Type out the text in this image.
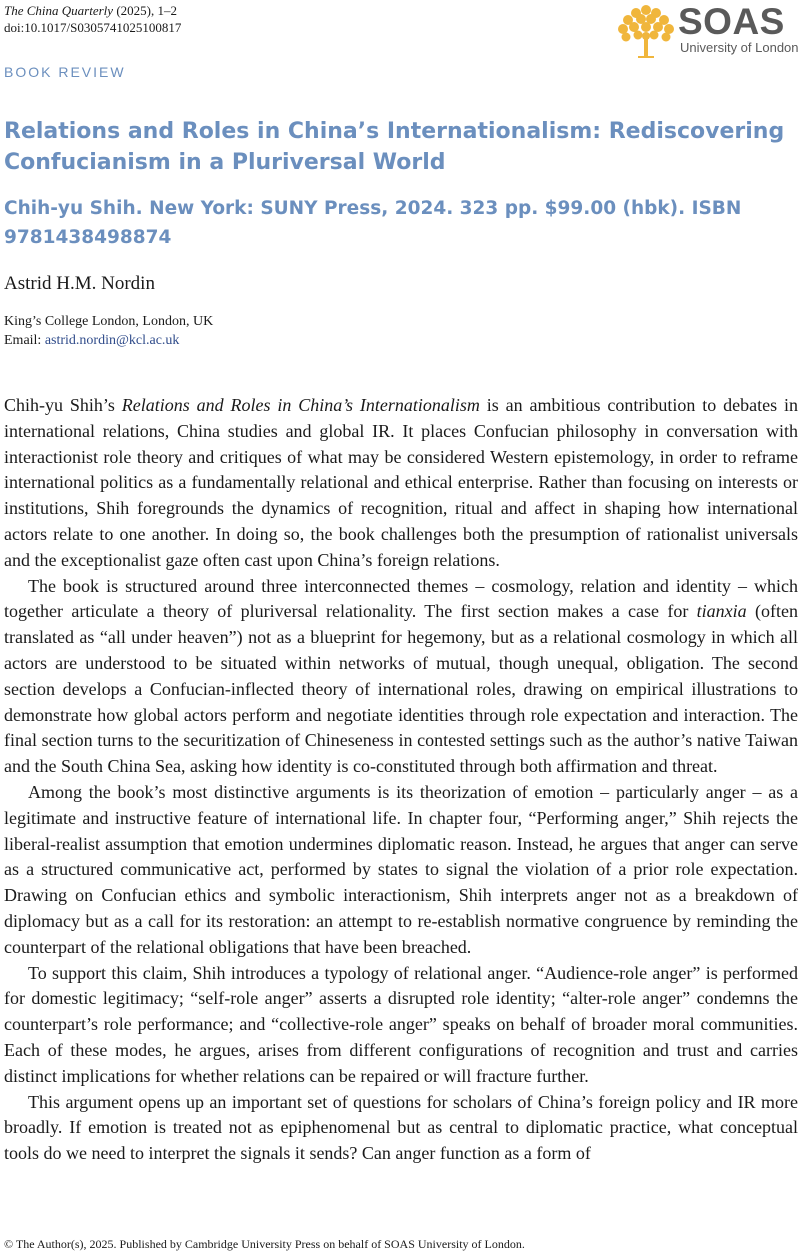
The China Quarterly (2025), 1–2
doi:10.1017/S0305741025100817	SOAS
University of London
BOOK REVIEW
Relations and Roles in China’s Internationalism: Rediscovering Confucianism in a Pluriversal World
Chih-yu Shih. New York: SUNY Press, 2024. 323 pp. $99.00 (hbk). ISBN 9781438498874
Astrid H.M. Nordin
King’s College London, London, UK
Email: astrid.nordin@kcl.ac.uk

Chih-yu Shih’s Relations and Roles in China’s Internationalism is an ambitious contribution to debates in international relations, China studies and global IR. It places Confucian philosophy in conversation with interactionist role theory and critiques of what may be considered Western epistemology, in order to reframe international politics as a fundamentally relational and ethical enterprise. Rather than focusing on interests or institutions, Shih foregrounds the dynamics of recognition, ritual and affect in shaping how international actors relate to one another. In doing so, the book challenges both the presumption of rationalist universals and the exceptionalist gaze often cast upon China’s foreign relations.

The book is structured around three interconnected themes – cosmology, relation and identity – which together articulate a theory of pluriversal relationality. The first section makes a case for tianxia (often translated as “all under heaven”) not as a blueprint for hegemony, but as a relational cosmology in which all actors are understood to be situated within networks of mutual, though unequal, obligation. The second section develops a Confucian-inflected theory of international roles, drawing on empirical illustrations to demonstrate how global actors perform and negotiate identities through role expectation and interaction. The final section turns to the securitization of Chineseness in contested settings such as the author’s native Taiwan and the South China Sea, asking how identity is co-constituted through both affirmation and threat.

Among the book’s most distinctive arguments is its theorization of emotion – particularly anger – as a legitimate and instructive feature of international life. In chapter four, “Performing anger,” Shih rejects the liberal-realist assumption that emotion undermines diplomatic reason. Instead, he argues that anger can serve as a structured communicative act, performed by states to signal the violation of a prior role expectation. Drawing on Confucian ethics and symbolic interactionism, Shih interprets anger not as a breakdown of diplomacy but as a call for its restoration: an attempt to re-establish normative congruence by reminding the counterpart of the relational obligations that have been breached.

To support this claim, Shih introduces a typology of relational anger. “Audience-role anger” is performed for domestic legitimacy; “self-role anger” asserts a disrupted role identity; “alter-role anger” condemns the counterpart’s role performance; and “collective-role anger” speaks on behalf of broader moral communities. Each of these modes, he argues, arises from different configurations of recognition and trust and carries distinct implications for whether relations can be repaired or will fracture further.

This argument opens up an important set of questions for scholars of China’s foreign policy and IR more broadly. If emotion is treated not as epiphenomenal but as central to diplomatic practice, what conceptual tools do we need to interpret the signals it sends? Can anger function as a form of

© The Author(s), 2025. Published by Cambridge University Press on behalf of SOAS University of London.
